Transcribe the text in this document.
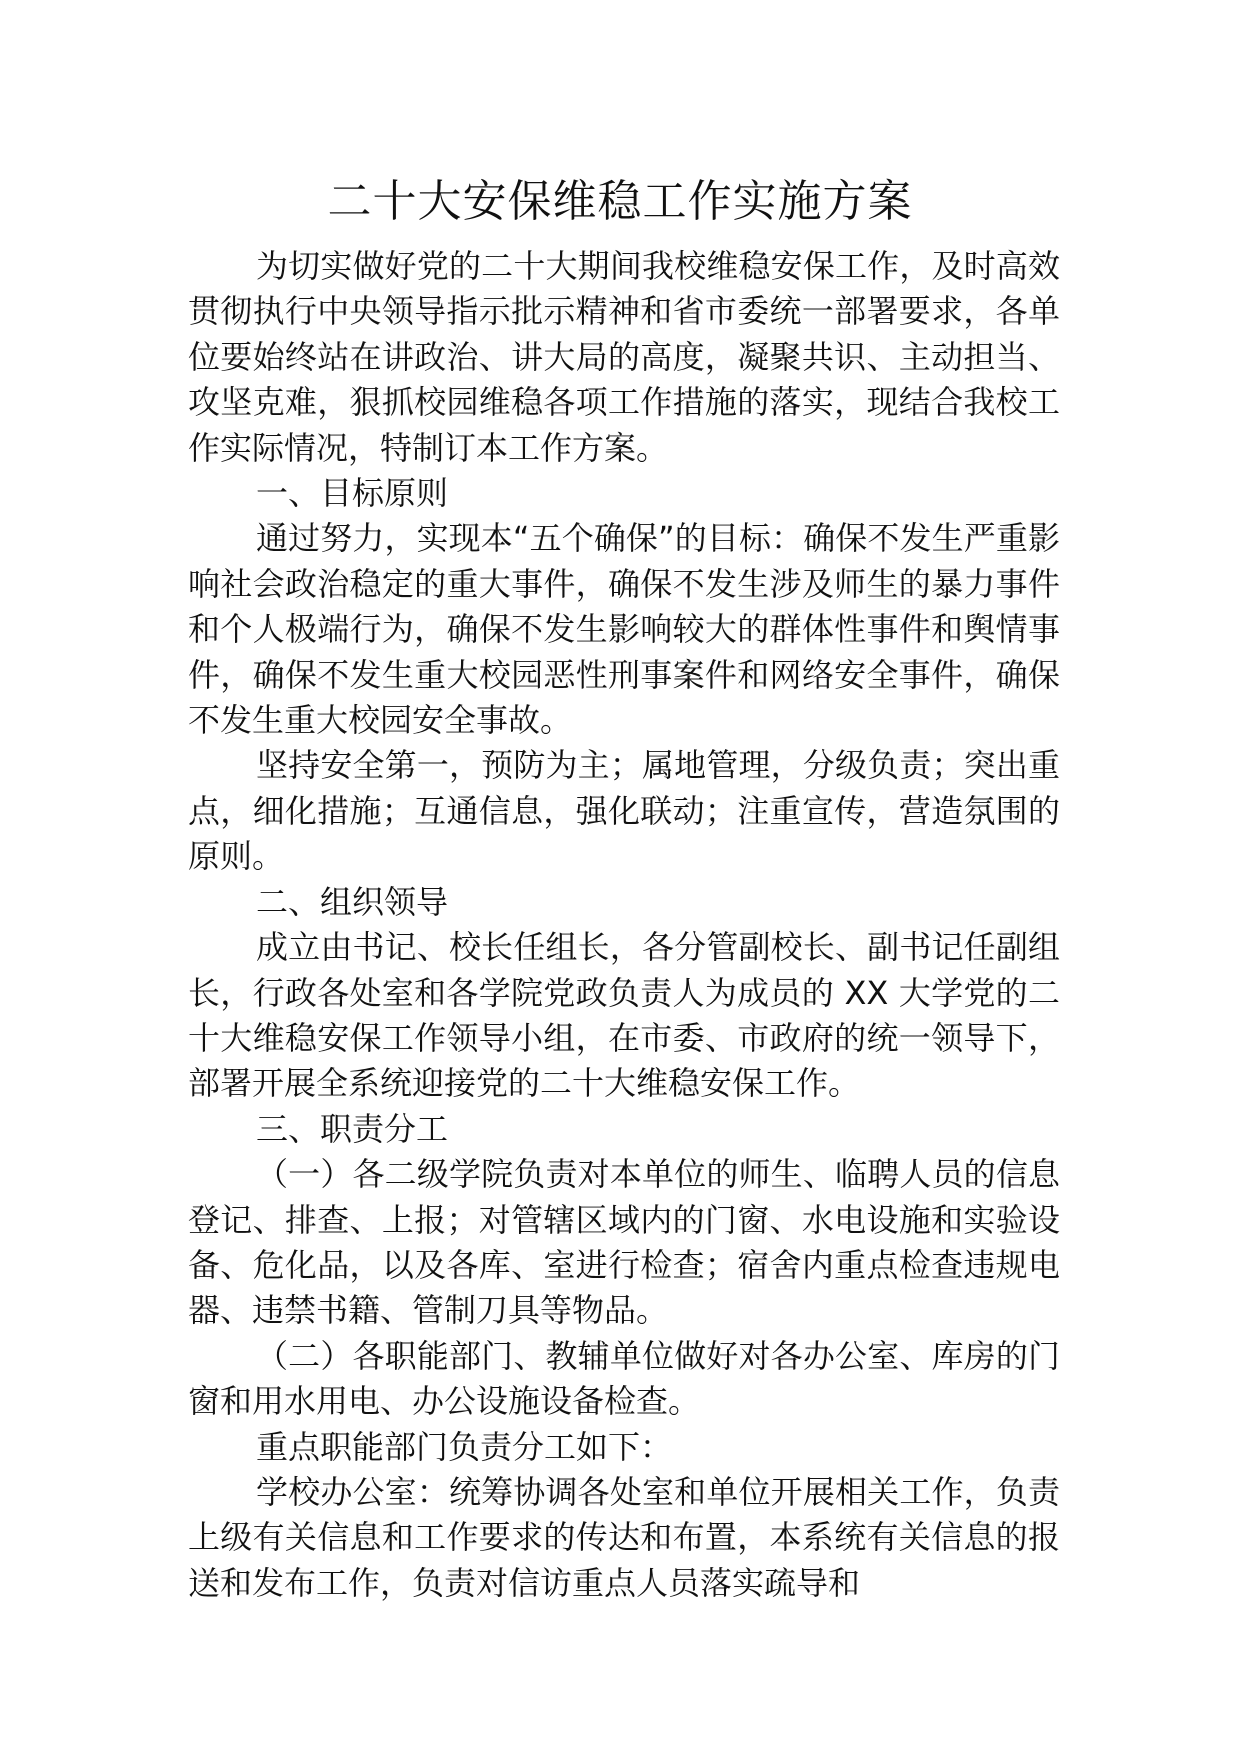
二十大安保维稳工作实施方案

为切实做好党的二十大期间我校维稳安保工作，及时高效贯彻执行中央领导指示批示精神和省市委统一部署要求，各单位要始终站在讲政治、讲大局的高度，凝聚共识、主动担当、攻坚克难，狠抓校园维稳各项工作措施的落实，现结合我校工作实际情况，特制订本工作方案。

一、目标原则

通过努力，实现本“五个确保”的目标：确保不发生严重影响社会政治稳定的重大事件，确保不发生涉及师生的暴力事件和个人极端行为，确保不发生影响较大的群体性事件和舆情事件，确保不发生重大校园恶性刑事案件和网络安全事件，确保不发生重大校园安全事故。

坚持安全第一，预防为主；属地管理，分级负责；突出重点，细化措施；互通信息，强化联动；注重宣传，营造氛围的原则。

二、组织领导

成立由书记、校长任组长，各分管副校长、副书记任副组长，行政各处室和各学院党政负责人为成员的 XX 大学党的二十大维稳安保工作领导小组，在市委、市政府的统一领导下，部署开展全系统迎接党的二十大维稳安保工作。

三、职责分工

（一）各二级学院负责对本单位的师生、临聘人员的信息登记、排查、上报；对管辖区域内的门窗、水电设施和实验设备、危化品，以及各库、室进行检查；宿舍内重点检查违规电器、违禁书籍、管制刀具等物品。

（二）各职能部门、教辅单位做好对各办公室、库房的门窗和用水用电、办公设施设备检查。

重点职能部门负责分工如下：

学校办公室：统筹协调各处室和单位开展相关工作，负责上级有关信息和工作要求的传达和布置，本系统有关信息的报送和发布工作，负责对信访重点人员落实疏导和
